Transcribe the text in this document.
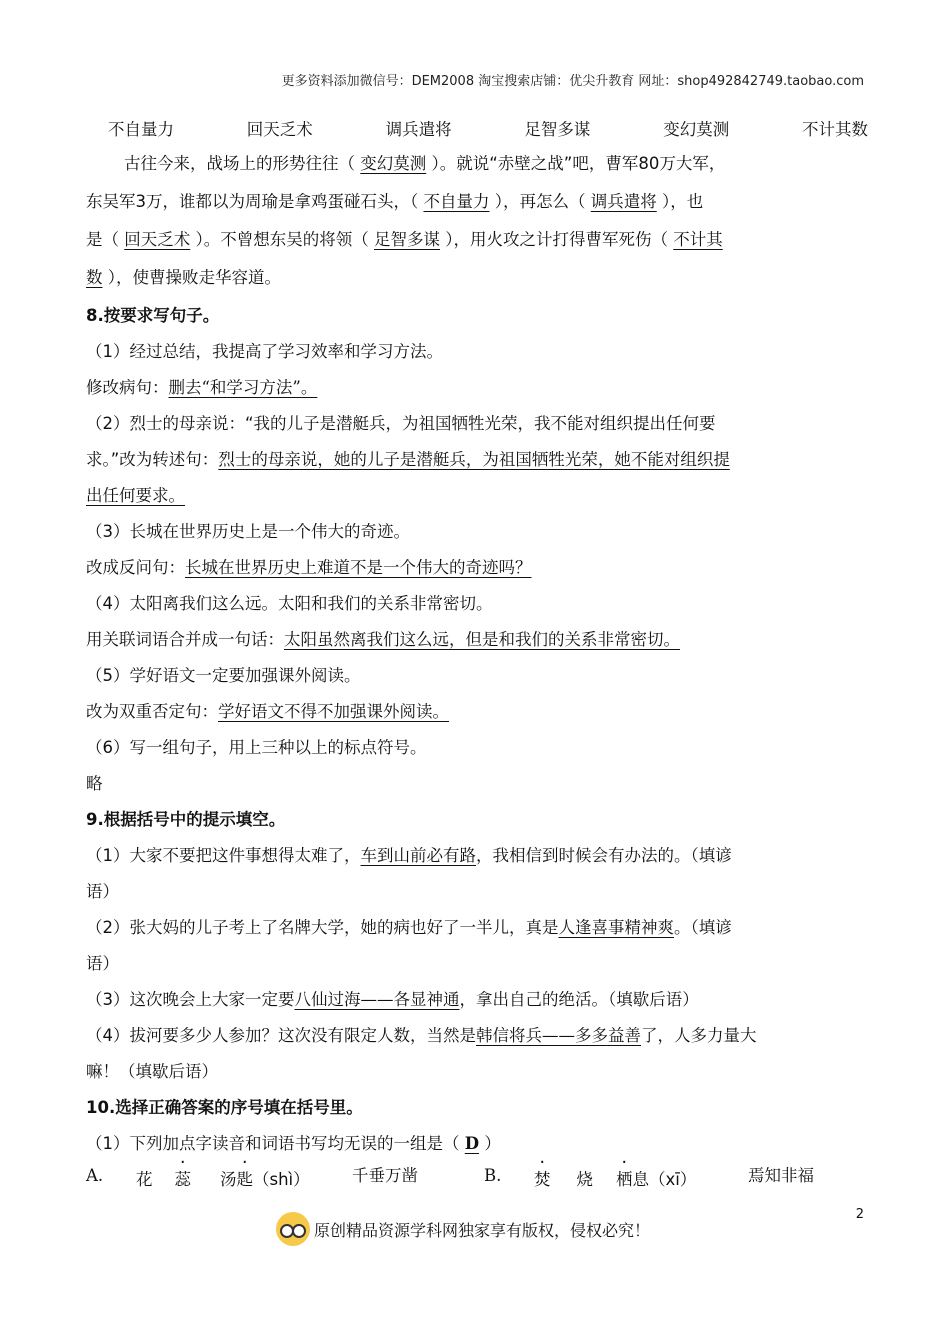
更多资料添加微信号：DEM2008 淘宝搜索店铺：优尖升教育 网址：shop492842749.taobao.com
不自量力	回天乏术	调兵遣将	足智多谋	变幻莫测	不计其数
古往今来，战场上的形势往往（ 变幻莫测 ）。就说“赤壁之战”吧，曹军80万大军，
东吴军3万，谁都以为周瑜是拿鸡蛋碰石头，（ 不自量力 ），再怎么（ 调兵遣将 ），也
是（ 回天乏术 ）。不曾想东吴的将领（ 足智多谋 ），用火攻之计打得曹军死伤（ 不计其
数 ），使曹操败走华容道。
8.按要求写句子。
（1）经过总结，我提高了学习效率和学习方法。
修改病句：删去“和学习方法”。
（2）烈士的母亲说：“我的儿子是潜艇兵，为祖国牺牲光荣，我不能对组织提出任何要
求。”改为转述句：烈士的母亲说，她的儿子是潜艇兵，为祖国牺牲光荣，她不能对组织提
出任何要求。
（3）长城在世界历史上是一个伟大的奇迹。
改成反问句：长城在世界历史上难道不是一个伟大的奇迹吗？
（4）太阳离我们这么远。太阳和我们的关系非常密切。
用关联词语合并成一句话：太阳虽然离我们这么远，但是和我们的关系非常密切。
（5）学好语文一定要加强课外阅读。
改为双重否定句：学好语文不得不加强课外阅读。
（6）写一组句子，用上三种以上的标点符号。
略
9.根据括号中的提示填空。
（1）大家不要把这件事想得太难了，车到山前必有路，我相信到时候会有办法的。（填谚
语）
（2）张大妈的儿子考上了名牌大学，她的病也好了一半儿，真是人逢喜事精神爽。（填谚
语）
（3）这次晚会上大家一定要八仙过海——各显神通，拿出自己的绝活。（填歇后语）
（4）拔河要多少人参加？这次没有限定人数，当然是韩信将兵——多多益善了，人多力量大
嘛！（填歇后语）
10.选择正确答案的序号填在括号里。
（1）下列加点字读音和词语书写均无误的一组是（ D ）
A. 花 蕊 汤匙（shì）	千垂万凿	B. 焚 烧 栖息（xī）	焉知非福
原创精品资源学科网独家享有版权，侵权必究！
2
